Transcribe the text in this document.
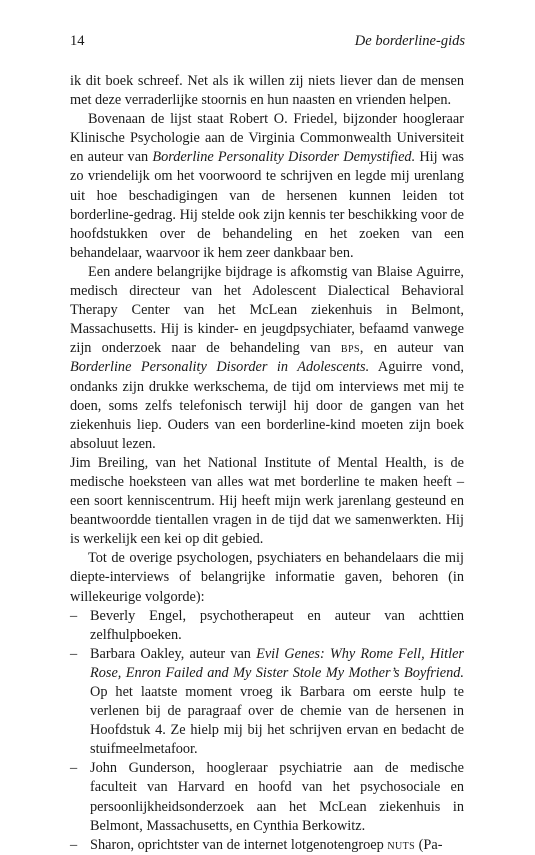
14	De borderline-gids

ik dit boek schreef. Net als ik willen zij niets liever dan de mensen met deze verraderlijke stoornis en hun naasten en vrienden helpen.

Bovenaan de lijst staat Robert O. Friedel, bijzonder hoogleraar Klinische Psychologie aan de Virginia Commonwealth Universiteit en auteur van Borderline Personality Disorder Demystified. Hij was zo vriendelijk om het voorwoord te schrijven en legde mij urenlang uit hoe beschadigingen van de hersenen kunnen leiden tot borderline-gedrag. Hij stelde ook zijn kennis ter beschikking voor de hoofdstukken over de behandeling en het zoeken van een behandelaar, waarvoor ik hem zeer dankbaar ben.

Een andere belangrijke bijdrage is afkomstig van Blaise Aguirre, medisch directeur van het Adolescent Dialectical Behavioral Therapy Center van het McLean ziekenhuis in Belmont, Massachusetts. Hij is kinder- en jeugdpsychiater, befaamd vanwege zijn onderzoek naar de behandeling van bps, en auteur van Borderline Personality Disorder in Adolescents. Aguirre vond, ondanks zijn drukke werkschema, de tijd om interviews met mij te doen, soms zelfs telefonisch terwijl hij door de gangen van het ziekenhuis liep. Ouders van een borderline-kind moeten zijn boek absoluut lezen.

Jim Breiling, van het National Institute of Mental Health, is de medische hoeksteen van alles wat met borderline te maken heeft – een soort kenniscentrum. Hij heeft mijn werk jarenlang gesteund en beantwoordde tientallen vragen in de tijd dat we samenwerkten. Hij is werkelijk een kei op dit gebied.

Tot de overige psychologen, psychiaters en behandelaars die mij diepte-interviews of belangrijke informatie gaven, behoren (in willekeurige volgorde):

– Beverly Engel, psychotherapeut en auteur van achttien zelfhulpboeken.
– Barbara Oakley, auteur van Evil Genes: Why Rome Fell, Hitler Rose, Enron Failed and My Sister Stole My Mother’s Boyfriend. Op het laatste moment vroeg ik Barbara om eerste hulp te verlenen bij de paragraaf over de chemie van de hersenen in Hoofdstuk 4. Ze hielp mij bij het schrijven ervan en bedacht de stuifmeelmetafoor.
– John Gunderson, hoogleraar psychiatrie aan de medische faculteit van Harvard en hoofd van het psychosociale en persoonlijkheidsonderzoek aan het McLean ziekenhuis in Belmont, Massachusetts, en Cynthia Berkowitz.
– Sharon, oprichtster van de internet lotgenotengroep nuts (Pa-
